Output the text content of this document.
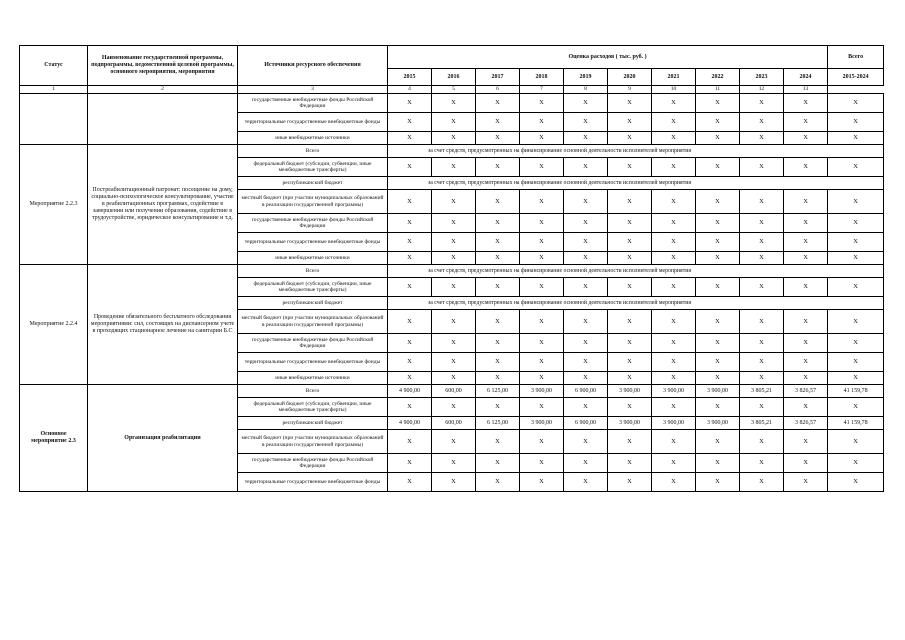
Статус	Наименование государственной программы, подпрограммы, ведомственной целевой программы, основного мероприятия, мероприятия	Источники ресурсного обеспечения	Оценка расходов ( тыс. руб. )										Всего
			2015	2016	2017	2018	2019	2020	2021	2022	2023	2024	2015-2024
1	2	3	4	5	6	7	8	9	10	11	12	13	
		государственные внебюджетные фонды Российской Федерации	X	X	X	X	X	X	X	X	X	X	X
		территориальные государственные внебюджетные фонды	X	X	X	X	X	X	X	X	X	X	X
		иные внебюджетные источники	X	X	X	X	X	X	X	X	X	X	X
Мероприятие 2.2.3	Постреабилитационный патронат: посещение на дому, социально-психологическое консультирование, участие в реабилитационных программах, содействие в завершении или получении образования, содействие в трудоустройстве, юридическое консультирование и т.д.	Всего	за счет средств, предусмотренных на финансирование основной деятельности исполнителей мероприятия										
		федеральный бюджет (субсидии, субвенции, иные межбюджетные трансферты)	X	X	X	X	X	X	X	X	X	X	X
		республиканский бюджет	за счет средств, предусмотренных на финансирование основной деятельности исполнителей мероприятия										
		местный бюджет (при участии муниципальных образований в реализации государственной программы)	X	X	X	X	X	X	X	X	X	X	X
		государственные внебюджетные фонды Российской Федерации	X	X	X	X	X	X	X	X	X	X	X
		территориальные государственные внебюджетные фонды	X	X	X	X	X	X	X	X	X	X	X
		иные внебюджетные источники	X	X	X	X	X	X	X	X	X	X	X
Мероприятие 2.2.4	Проведение обязательного бесплатного обследования мероприятиями: сил, состоящих на диспансерном учете в проходящих стационарное лечение на санитарии Б.С	Всего	за счет средств, предусмотренных на финансирование основной деятельности исполнителей мероприятия										
		федеральный бюджет (субсидии, субвенции, иные межбюджетные трансферты)	X	X	X	X	X	X	X	X	X	X	X
		республиканский бюджет	за счет средств, предусмотренных на финансирование основной деятельности исполнителей мероприятия										
		местный бюджет (при участии муниципальных образований в реализации государственной программы)	X	X	X	X	X	X	X	X	X	X	X
		государственные внебюджетные фонды Российской Федерации	X	X	X	X	X	X	X	X	X	X	X
		территориальные государственные внебюджетные фонды	X	X	X	X	X	X	X	X	X	X	X
		иные внебюджетные источники	X	X	X	X	X	X	X	X	X	X	X
Основное мероприятие 2.3	Организация реабилитации	Всего	4 900,00	600,00	6 125,00	3 900,00	6 900,00	3 900,00	3 900,00	3 900,00	3 805,21	3 826,57	41 159,78
		федеральный бюджет (субсидии, субвенции, иные межбюджетные трансферты)	X	X	X	X	X	X	X	X	X	X	X
		республиканский бюджет	4 900,00	600,00	6 125,00	3 900,00	6 900,00	3 900,00	3 900,00	3 900,00	3 805,21	3 826,57	41 159,78
		местный бюджет (при участии муниципальных образований в реализации государственной программы)	X	X	X	X	X	X	X	X	X	X	X
		государственные внебюджетные фонды Российской Федерации	X	X	X	X	X	X	X	X	X	X	X
		территориальные государственные внебюджетные фонды	X	X	X	X	X	X	X	X	X	X	X
